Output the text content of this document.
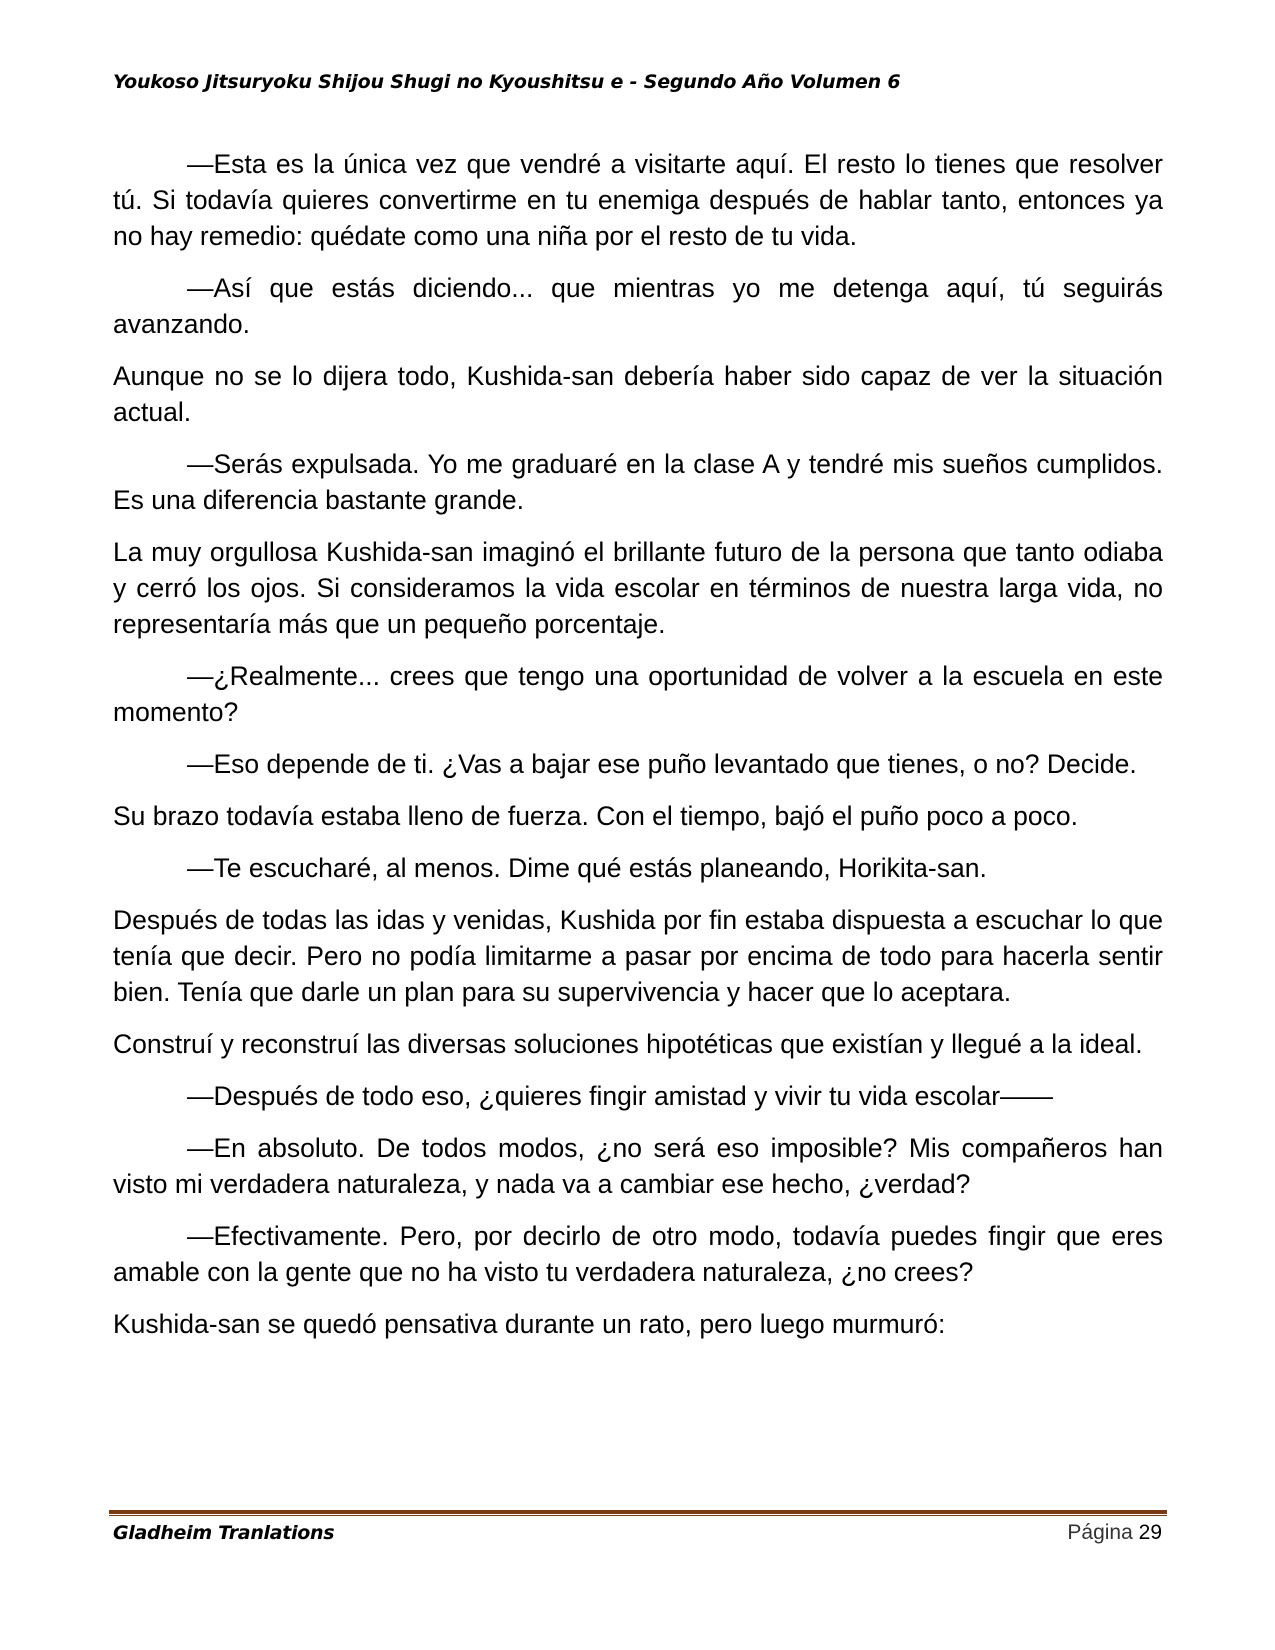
Youkoso Jitsuryoku Shijou Shugi no Kyoushitsu e - Segundo Año Volumen 6

—Esta es la única vez que vendré a visitarte aquí. El resto lo tienes que resolver tú. Si todavía quieres convertirme en tu enemiga después de hablar tanto, entonces ya no hay remedio: quédate como una niña por el resto de tu vida.

—Así que estás diciendo... que mientras yo me detenga aquí, tú seguirás avanzando.

Aunque no se lo dijera todo, Kushida-san debería haber sido capaz de ver la situación actual.

—Serás expulsada. Yo me graduaré en la clase A y tendré mis sueños cumplidos. Es una diferencia bastante grande.

La muy orgullosa Kushida-san imaginó el brillante futuro de la persona que tanto odiaba y cerró los ojos. Si consideramos la vida escolar en términos de nuestra larga vida, no representaría más que un pequeño porcentaje.

—¿Realmente... crees que tengo una oportunidad de volver a la escuela en este momento?

—Eso depende de ti. ¿Vas a bajar ese puño levantado que tienes, o no? Decide.

Su brazo todavía estaba lleno de fuerza. Con el tiempo, bajó el puño poco a poco.

—Te escucharé, al menos. Dime qué estás planeando, Horikita-san.

Después de todas las idas y venidas, Kushida por fin estaba dispuesta a escuchar lo que tenía que decir. Pero no podía limitarme a pasar por encima de todo para hacerla sentir bien. Tenía que darle un plan para su supervivencia y hacer que lo aceptara.

Construí y reconstruí las diversas soluciones hipotéticas que existían y llegué a la ideal.

—Después de todo eso, ¿quieres fingir amistad y vivir tu vida escolar——

—En absoluto. De todos modos, ¿no será eso imposible? Mis compañeros han visto mi verdadera naturaleza, y nada va a cambiar ese hecho, ¿verdad?

—Efectivamente. Pero, por decirlo de otro modo, todavía puedes fingir que eres amable con la gente que no ha visto tu verdadera naturaleza, ¿no crees?

Kushida-san se quedó pensativa durante un rato, pero luego murmuró:

Gladheim Tranlations	Página 29
